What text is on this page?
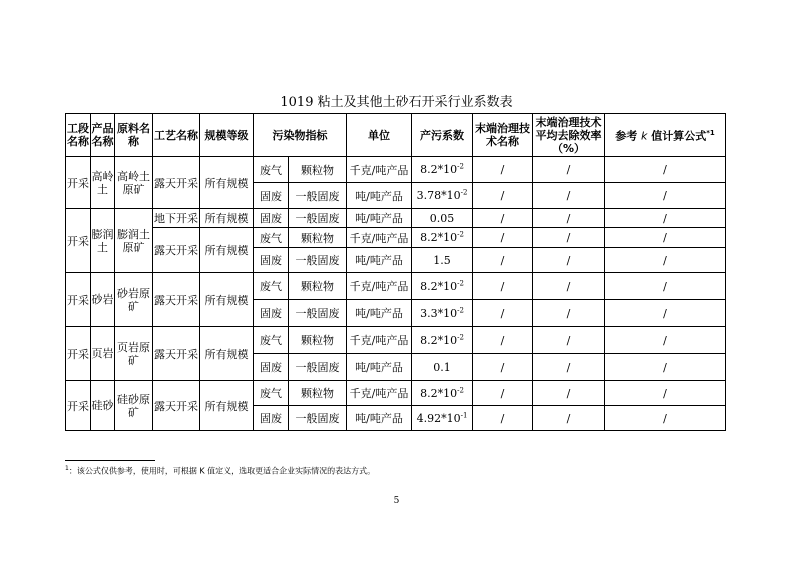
1019 粘土及其他土砂石开采行业系数表
工段名称	产品名称	原料名称	工艺名称	规模等级	污染物指标		单位	产污系数	末端治理技术名称	末端治理技术平均去除效率（%）	参考 k 值计算公式$^{*1}$
开采	高岭土	高岭土原矿	露天开采	所有规模	废气	颗粒物	千克/吨产品	$8.2*10^{-2}$	/	/	/
					固废	一般固废	吨/吨产品	$3.78*10^{-2}$	/	/	/
开采	膨润土	膨润土原矿	地下开采	所有规模	固废	一般固废	吨/吨产品	0.05	/	/	/
			露天开采	所有规模	废气	颗粒物	千克/吨产品	$8.2*10^{-2}$	/	/	/
					固废	一般固废	吨/吨产品	1.5	/	/	/
开采	砂岩	砂岩原矿	露天开采	所有规模	废气	颗粒物	千克/吨产品	$8.2*10^{-2}$	/	/	/
					固废	一般固废	吨/吨产品	$3.3*10^{-2}$	/	/	/
开采	页岩	页岩原矿	露天开采	所有规模	废气	颗粒物	千克/吨产品	$8.2*10^{-2}$	/	/	/
					固废	一般固废	吨/吨产品	0.1	/	/	/
开采	硅砂	硅砂原矿	露天开采	所有规模	废气	颗粒物	千克/吨产品	$8.2*10^{-2}$	/	/	/
					固废	一般固废	吨/吨产品	$4.92*10^{-1}$	/	/	/
$^1$：该公式仅供参考，使用时，可根据 K 值定义，选取更适合企业实际情况的表达方式。
5
